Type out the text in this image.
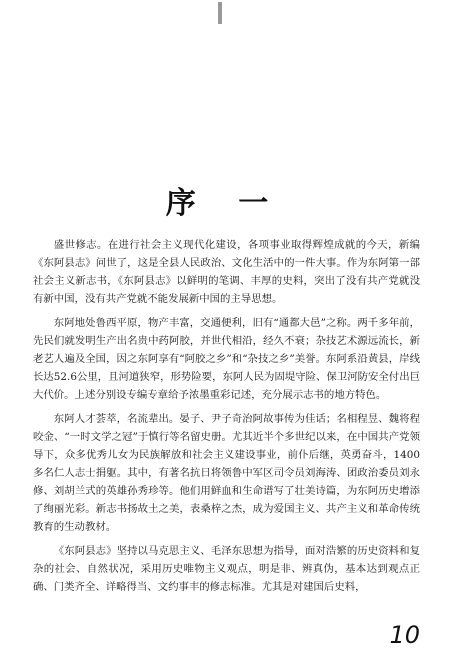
序 一

盛世修志。在进行社会主义现代化建设，各项事业取得辉煌成就的今天，新编《东阿县志》问世了，这是全县人民政治、文化生活中的一件大事。作为东阿第一部社会主义新志书，《东阿县志》以鲜明的笔调、丰厚的史料，突出了没有共产党就没有新中国，没有共产党就不能发展新中国的主导思想。

东阿地处鲁西平原，物产丰富，交通便利，旧有“通都大邑”之称。两千多年前，先民们就发明生产出名贵中药阿胶，并世代相沿，经久不衰；杂技艺术源远流长，新老艺人遍及全国，因之东阿享有“阿胶之乡”和“杂技之乡”美誉。东阿系沿黄县，岸线长达52.6公里，且河道狭窄，形势险要，东阿人民为固堤守险、保卫河防安全付出巨大代价。上述分别设专编专章给予浓墨重彩记述，充分展示志书的地方特色。

东阿人才荟萃，名流辈出。晏子、尹子奇治阿故事传为佳话；名相程昱、魏将程咬金、“一时文学之冠”于慎行等名留史册。尤其近半个多世纪以来，在中国共产党领导下，众多优秀儿女为民族解放和社会主义建设事业，前仆后继，英勇奋斗，1400多名仁人志士捐躯。其中，有著名抗日将领鲁中军区司令员刘海涛、团政治委员刘永修、刘胡兰式的英雄孙秀珍等。他们用鲜血和生命谱写了壮美诗篇，为东阿历史增添了绚丽光彩。新志书扬故土之美，表桑梓之杰，成为爱国主义、共产主义和革命传统教育的生动教材。

《东阿县志》坚持以马克思主义、毛泽东思想为指导，面对浩繁的历史资料和复杂的社会、自然状况，采用历史唯物主义观点，明是非、辨真伪，基本达到观点正确、门类齐全、详略得当、文约事丰的修志标准。尤其是对建国后史料，

10
